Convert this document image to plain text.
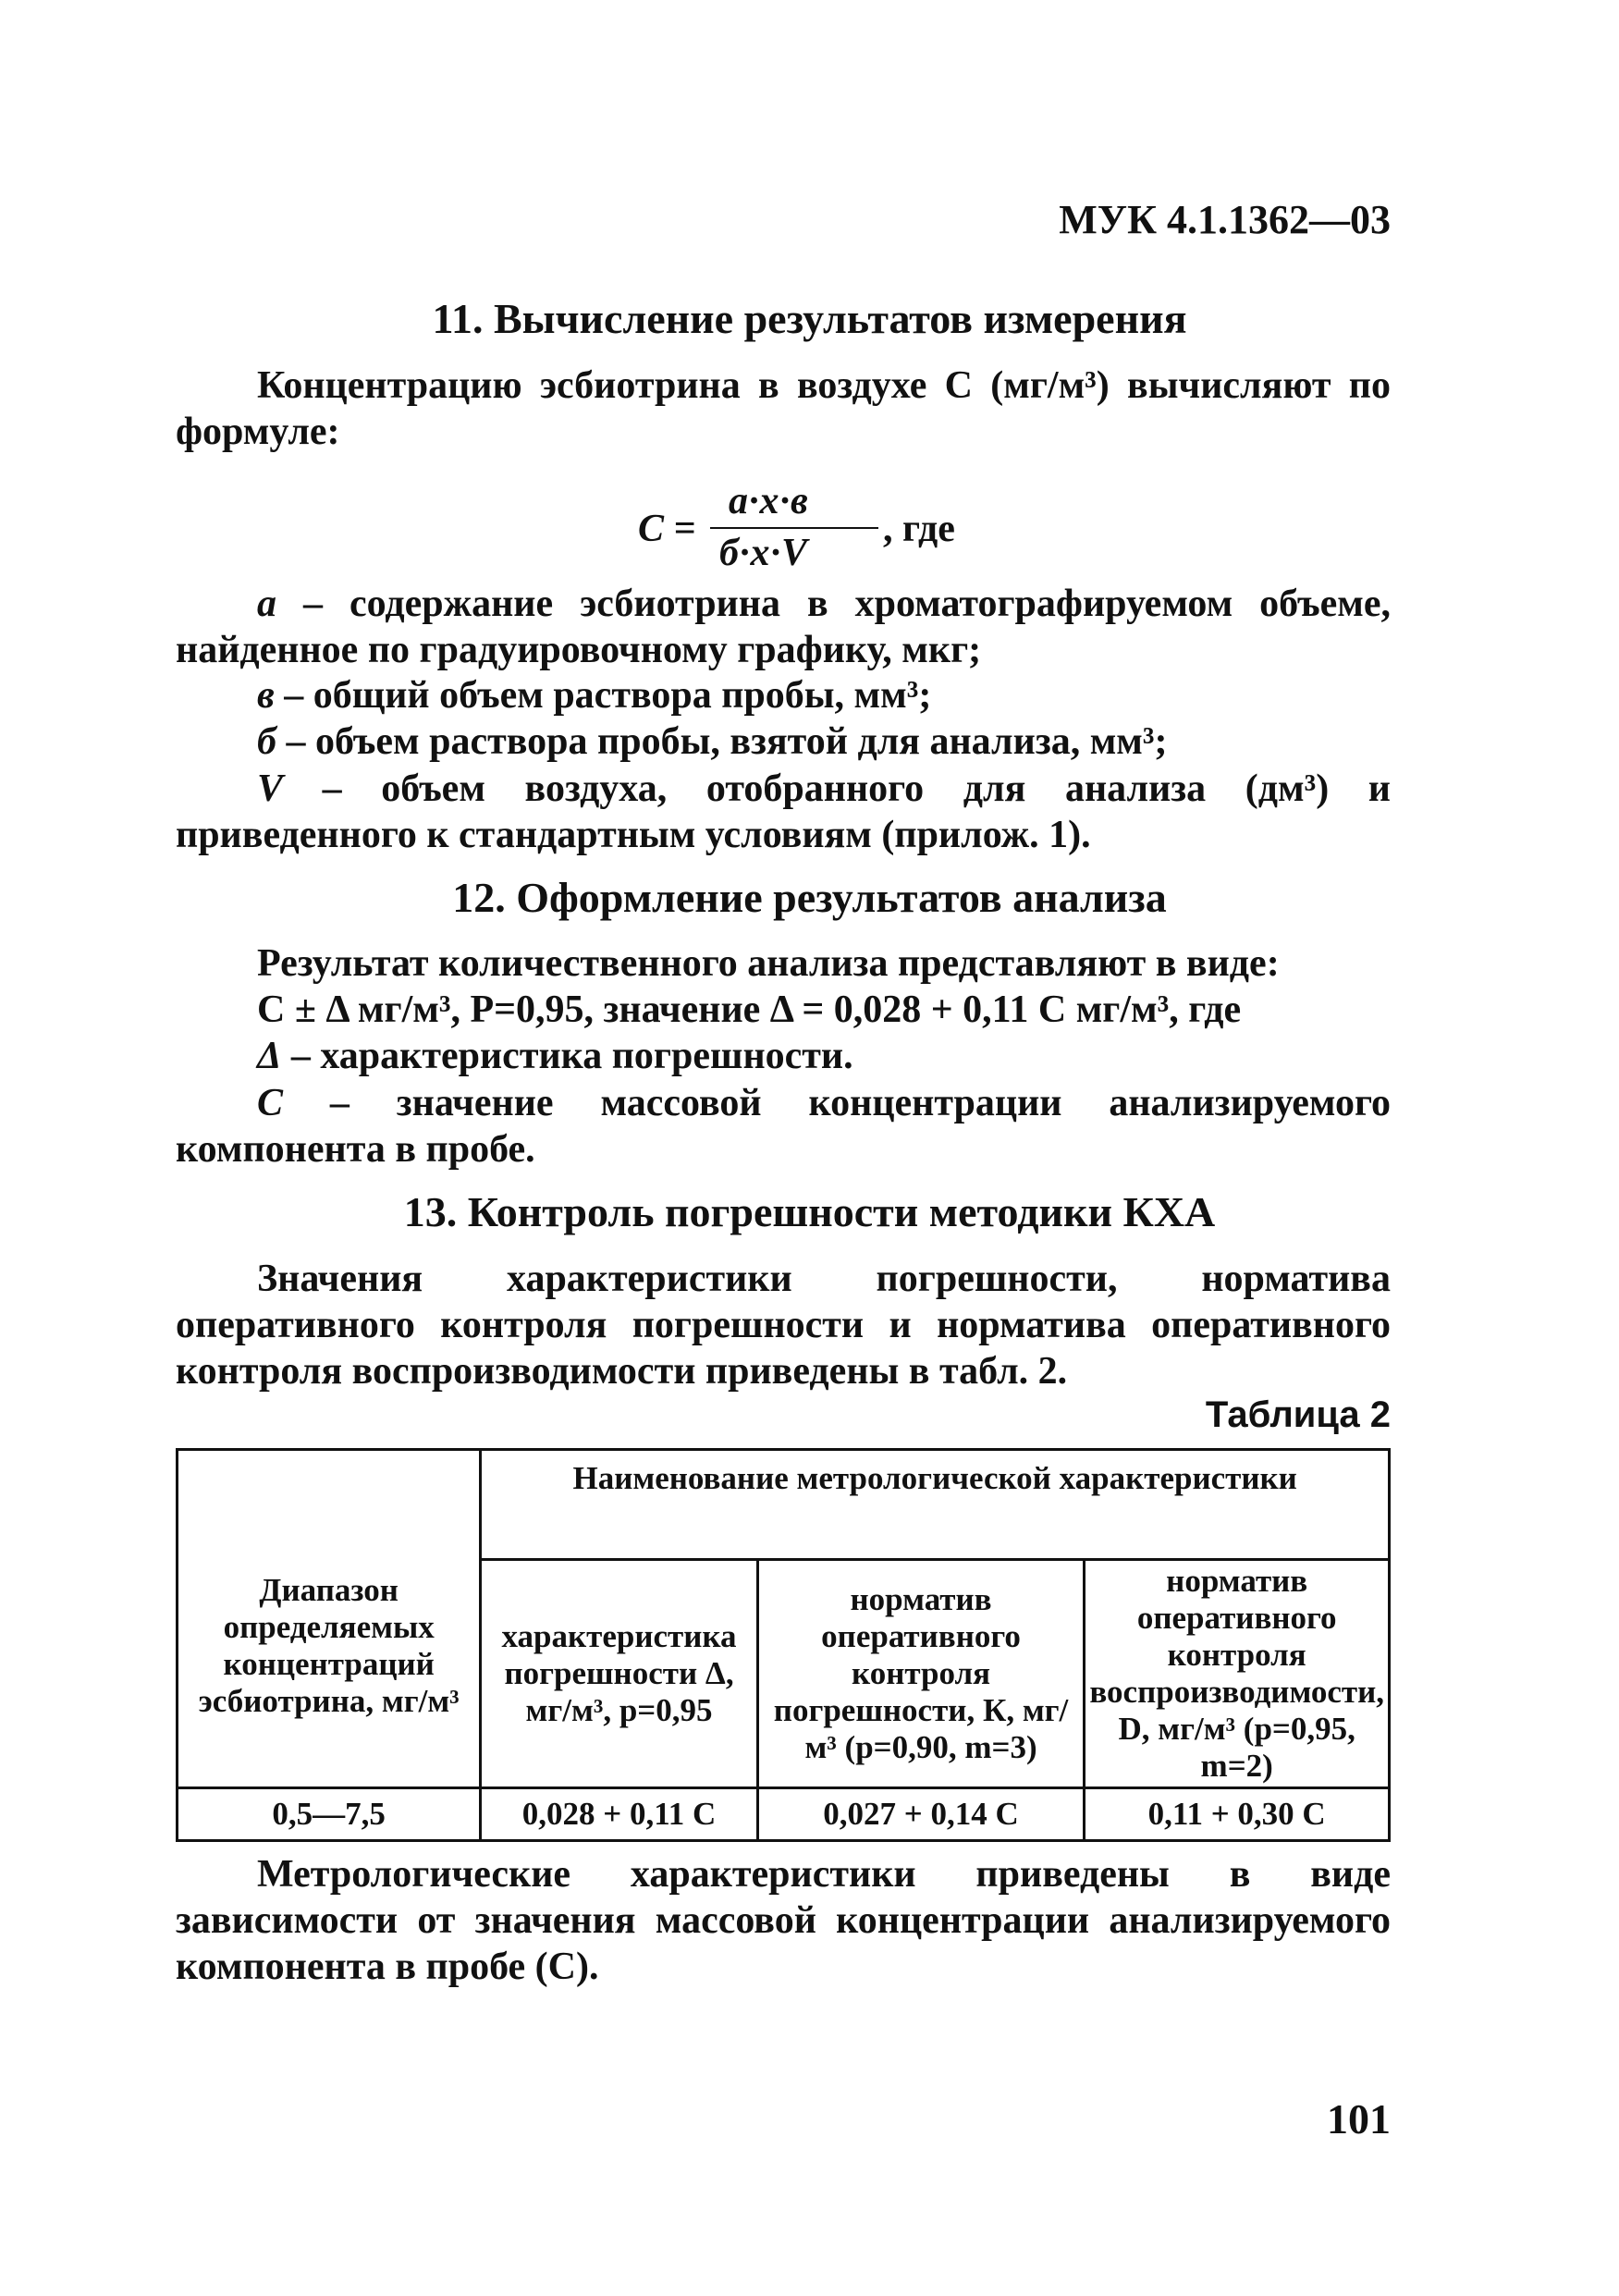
МУК 4.1.1362—03
11. Вычисление результатов измерения
Концентрацию эсбиотрина в воздухе С (мг/м³) вычисляют по формуле:
C =
a·x·в
б·x·V
, где
а – содержание эсбиотрина в хроматографируемом объеме, найденное по градуировочному графику, мкг;
в – общий объем раствора пробы, мм³;
б – объем раствора пробы, взятой для анализа, мм³;
V – объем воздуха, отобранного для анализа (дм³) и приведенного к стандартным условиям (прилож. 1).
12. Оформление результатов анализа
Результат количественного анализа представляют в виде:
С ± Δ мг/м³, Р=0,95, значение Δ = 0,028 + 0,11 С мг/м³, где
Δ – характеристика погрешности.
С – значение массовой концентрации анализируемого компонента в пробе.
13. Контроль погрешности методики КХА
Значения характеристики погрешности, норматива оперативного контроля погрешности и норматива оперативного контроля воспроизводимости приведены в табл. 2.
Таблица 2
Диапазон определяемых концентраций эсбиотрина, мг/м³	Наименование метрологической характеристики		
	характеристика погрешности Δ, мг/м³, р=0,95	норматив оперативного контроля погрешности, К, мг/м³ (р=0,90, m=3)	норматив оперативного контроля воспроизводимости, D, мг/м³ (р=0,95, m=2)
0,5—7,5	0,028 + 0,11 С	0,027 + 0,14 С	0,11 + 0,30 С
Метрологические характеристики приведены в виде зависимости от значения массовой концентрации анализируемого компонента в пробе (С).
101
